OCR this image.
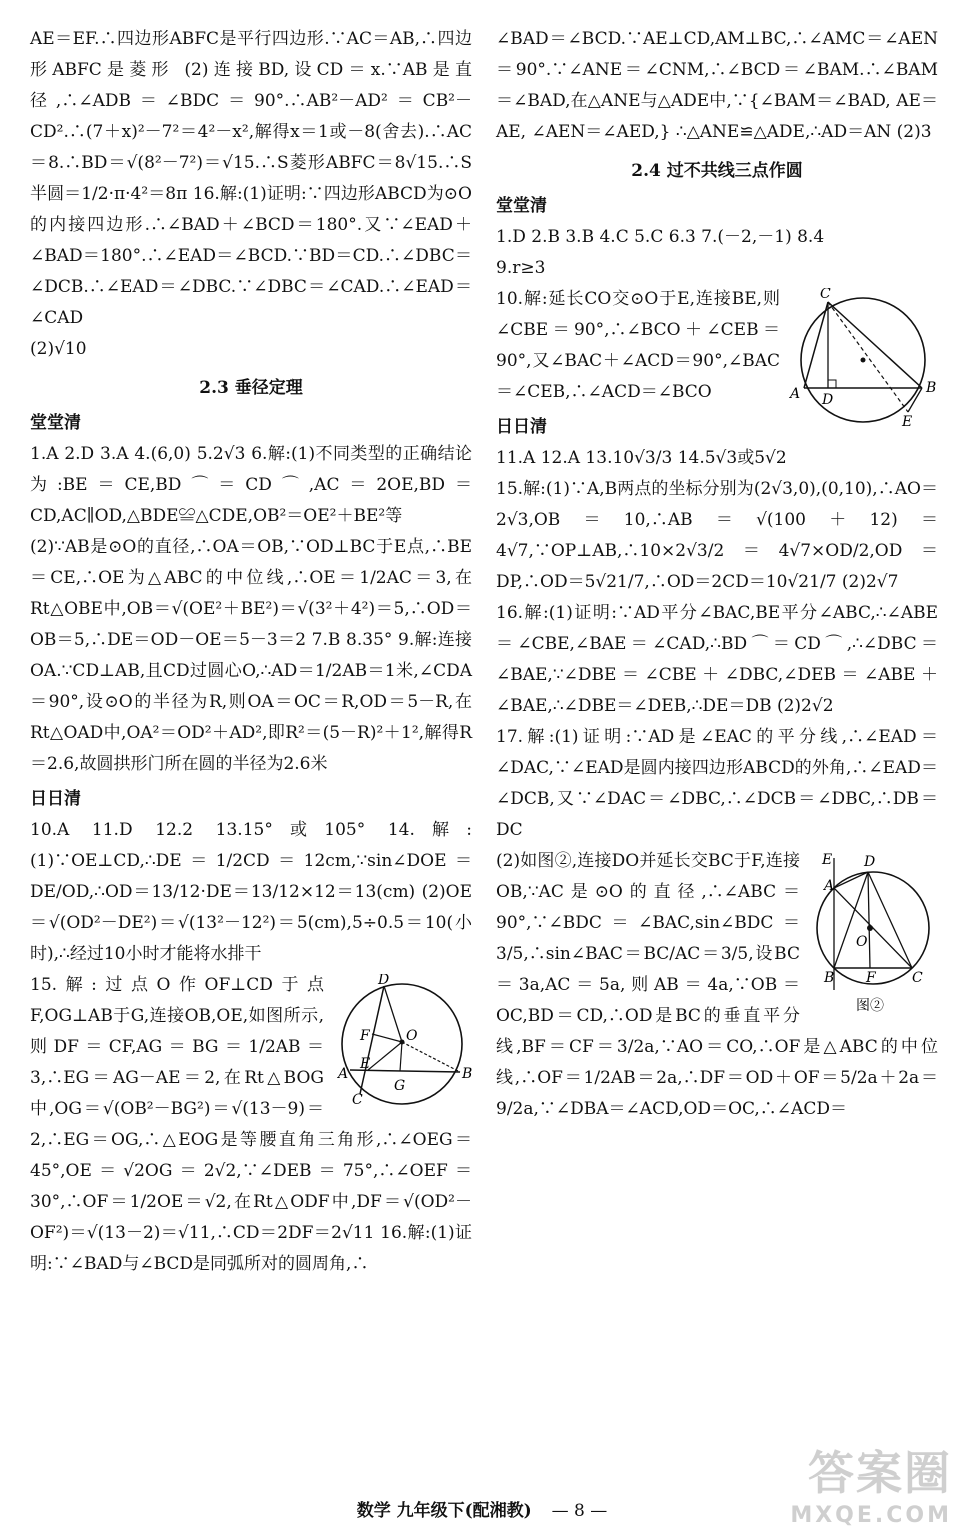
AE＝EF.∴四边形ABFC是平行四边形.∵AC＝AB,∴四边形ABFC是菱形 (2)连接BD,设CD＝x.∵AB是直径,∴∠ADB＝∠BDC＝90°.∴AB²－AD²＝CB²－CD².∴(7＋x)²－7²＝4²－x²,解得x＝1或－8(舍去).∴AC＝8.∴BD＝√(8²－7²)＝√15.∴S菱形ABFC＝8√15.∴S半圆＝1/2·π·4²＝8π 16.解:(1)证明:∵四边形ABCD为⊙O的内接四边形.∴∠BAD＋∠BCD＝180°.又∵∠EAD＋∠BAD＝180°.∴∠EAD＝∠BCD.∵BD＝CD.∴∠DBC＝∠DCB.∴∠EAD＝∠DBC.∵∠DBC＝∠CAD.∴∠EAD＝∠CAD

(2)√10

2.3 垂径定理

堂堂清

1.A 2.D 3.A 4.(6,0) 5.2√3 6.解:(1)不同类型的正确结论为:BE＝CE,BD⌒＝CD⌒,AC＝2OE,BD＝CD,AC∥OD,△BDE≌△CDE,OB²＝OE²＋BE²等

(2)∵AB是⊙O的直径,∴OA＝OB,∵OD⊥BC于E点,∴BE＝CE,∴OE为△ABC的中位线,∴OE＝1/2AC＝3,在Rt△OBE中,OB＝√(OE²＋BE²)＝√(3²＋4²)＝5,∴OD＝OB＝5,∴DE＝OD－OE＝5－3＝2 7.B 8.35° 9.解:连接OA.∵CD⊥AB,且CD过圆心O,∴AD＝1/2AB＝1米,∠CDA＝90°,设⊙O的半径为R,则OA＝OC＝R,OD＝5－R,在Rt△OAD中,OA²＝OD²＋AD²,即R²＝(5－R)²＋1²,解得R＝2.6,故圆拱形门所在圆的半径为2.6米

日日清

10.A 11.D 12.2 13.15°或105° 14.解:(1)∵OE⊥CD,∴DE＝1/2CD＝12cm,∵sin∠DOE＝DE/OD,∴OD＝13/12·DE＝13/12×12＝13(cm) (2)OE＝√(OD²－DE²)＝√(13²－12²)＝5(cm),5÷0.5＝10(小时),∴经过10小时才能将水排干

D
F	O
A
E
G
B
C

15.解:过点O作OF⊥CD于点F,OG⊥AB于G,连接OB,OE,如图所示,则DF＝CF,AG＝BG＝1/2AB＝3,∴EG＝AG－AE＝2,在Rt△BOG中,OG＝√(OB²－BG²)＝√(13－9)＝2,∴EG＝OG,∴△EOG是等腰直角三角形,∴∠OEG＝45°,OE＝√2OG＝2√2,∵∠DEB＝75°,∴∠OEF＝30°,∴OF＝1/2OE＝√2,在Rt△ODF中,DF＝√(OD²－OF²)＝√(13－2)＝√11,∴CD＝2DF＝2√11 16.解:(1)证明:∵∠BAD与∠BCD是同弧所对的圆周角,∴

∠BAD＝∠BCD.∵AE⊥CD,AM⊥BC,∴∠AMC＝∠AEN＝90°.∵∠ANE＝∠CNM,∴∠BCD＝∠BAM.∴∠BAM＝∠BAD,在△ANE与△ADE中,∵{∠BAM＝∠BAD, AE＝AE, ∠AEN＝∠AED,} ∴△ANE≌△ADE,∴AD＝AN (2)3

2.4 过不共线三点作圆

堂堂清

1.D 2.B 3.B 4.C 5.C 6.3 7.(－2,－1) 8.4

9.r≥3

C
A D
B
E

10.解:延长CO交⊙O于E,连接BE,则∠CBE＝90°,∴∠BCO＋∠CEB＝90°,又∠BAC＋∠ACD＝90°,∠BAC＝∠CEB,∴∠ACD＝∠BCO

日日清

11.A 12.A 13.10√3/3 14.5√3或5√2

15.解:(1)∵A,B两点的坐标分别为(2√3,0),(0,10),∴AO＝2√3,OB＝10,∴AB＝√(100＋12)＝4√7,∵OP⊥AB,∴10×2√3/2＝4√7×OD/2,OD＝DP,∴OD＝5√21/7,∴OD＝2CD＝10√21/7 (2)2√7

16.解:(1)证明:∵AD平分∠BAC,BE平分∠ABC,∴∠ABE＝∠CBE,∠BAE＝∠CAD,∴BD⌒＝CD⌒,∴∠DBC＝∠BAE,∵∠DBE＝∠CBE＋∠DBC,∠DEB＝∠ABE＋∠BAE,∴∠DBE＝∠DEB,∴DE＝DB (2)2√2

17.解:(1)证明:∵AD是∠EAC的平分线,∴∠EAD＝∠DAC,∵∠EAD是圆内接四边形ABCD的外角,∴∠EAD＝∠DCB,又∵∠DAC＝∠DBC,∴∠DCB＝∠DBC,∴DB＝DC

E
A
D
O
B F	C
图②

(2)如图②,连接DO并延长交BC于F,连接OB,∵AC是⊙O的直径,∴∠ABC＝90°,∵∠BDC＝∠BAC,sin∠BDC＝3/5,∴sin∠BAC＝BC/AC＝3/5,设BC＝3a,AC＝5a,则AB＝4a,∵OB＝OC,BD＝CD,∴OD是BC的垂直平分线,BF＝CF＝3/2a,∵AO＝CO,∴OF是△ABC的中位线,∴OF＝1/2AB＝2a,∴DF＝OD＋OF＝5/2a＋2a＝9/2a,∵∠DBA＝∠ACD,OD＝OC,∴∠ACD＝

数学 九年级下(配湘教) — 8 —
答案圈
MXQE.COM
